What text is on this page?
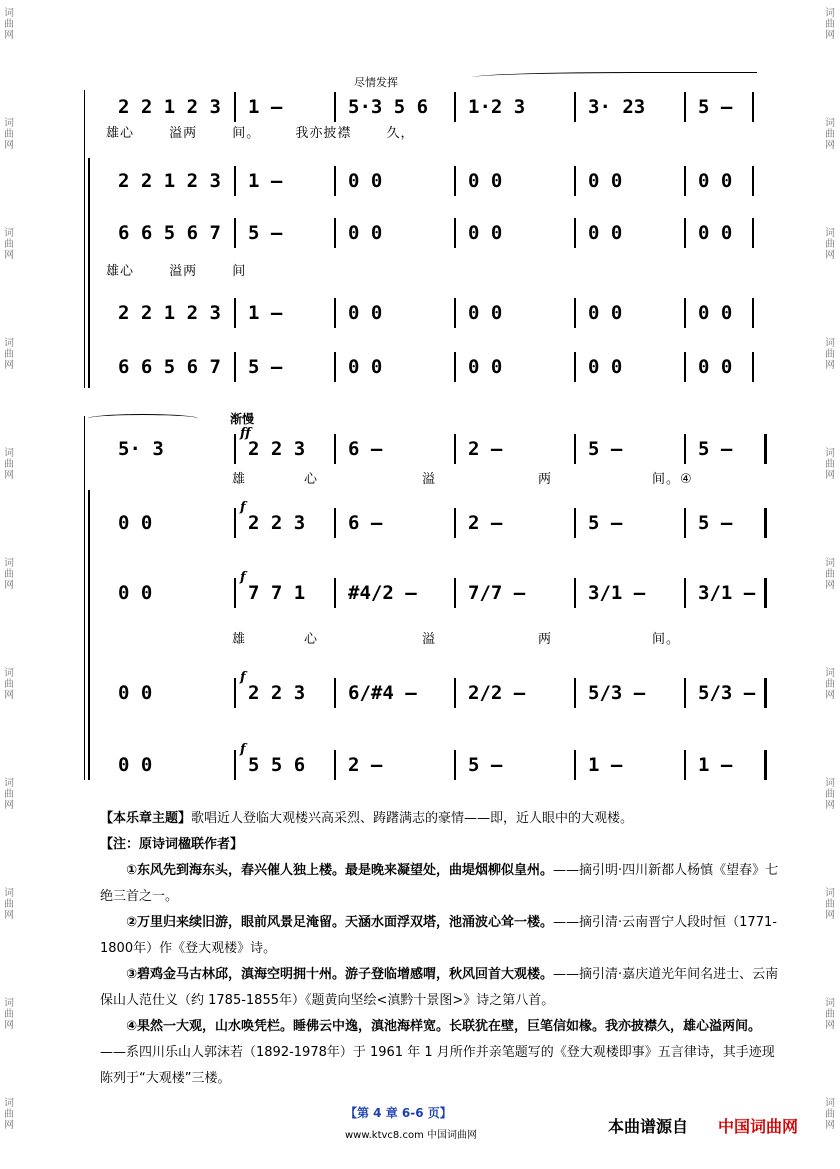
词
曲
网
词
曲
网
词
曲
网
词
曲
网
词
曲
网
词
曲
网
词
曲
网
词
曲
网
词
曲
网
词
曲
网
词
曲
网
词
曲
网
词
曲
网
词
曲
网
词
曲
网
词
曲
网
词
曲
网
词
曲
网
词
曲
网
词
曲
网
词
曲
网
词
曲
网
尽情发挥
2 2 1 2 3 1 –	5·3 5 6 1·2 3	3· 23	5 –
雄心 溢两 间。 我亦披襟 久，
2 2 1 2 3 1 –	0 0	0 0	0 0	0 0
6 6 5 6 7 5 –	0 0	0 0	0 0	0 0
雄心 溢两 间
2 2 1 2 3 1 –	0 0	0 0	0 0	0 0
6 6 5 6 7 5 –	0 0	0 0	0 0	0 0
渐慢
5· 3	2 2 3 6 –	2 –	5 –	5 –
ff
雄	心	溢	两	间。④
0 0	2 2 3 6 –	2 –	5 –	5 –
f
0 0	7 7 1 #4/2 –	7/7 –	3/1 –	3/1 –
f
雄	心	溢	两	间。
0 0	2 2 3 6/#4 –	2/2 –	5/3 –	5/3 –
f
0 0	5 5 6 2 –	5 –	1 –	1 –
f

【本乐章主题】歌唱近人登临大观楼兴高采烈、踌躇满志的豪情——即，近人眼中的大观楼。

【注：原诗词楹联作者】

①东风先到海东头，春兴催人独上楼。最是晚来凝望处，曲堤烟柳似皇州。——摘引明·四川新都人杨慎《望春》七绝三首之一。

②万里归来续旧游，眼前风景足淹留。天涵水面浮双塔，池涌波心耸一楼。——摘引清·云南晋宁人段时恒（1771-1800年）作《登大观楼》诗。

③碧鸡金马古林邱，滇海空明拥十州。游子登临增感喟，秋风回首大观楼。——摘引清·嘉庆道光年间名进士、云南保山人范仕义（约 1785-1855年）《题黄向坚绘<滇黔十景图>》诗之第八首。

④果然一大观，山水唤凭栏。睡佛云中逸，滇池海样宽。长联犹在壁，巨笔信如椽。我亦披襟久，雄心溢两间。——系四川乐山人郭沫若（1892-1978年）于 1961 年 1 月所作并亲笔题写的《登大观楼即事》五言律诗，其手迹现陈列于“大观楼”三楼。

【第 4 章 6-6 页】
www.ktvc8.com 中国词曲网	本曲谱源自 中国词曲网
